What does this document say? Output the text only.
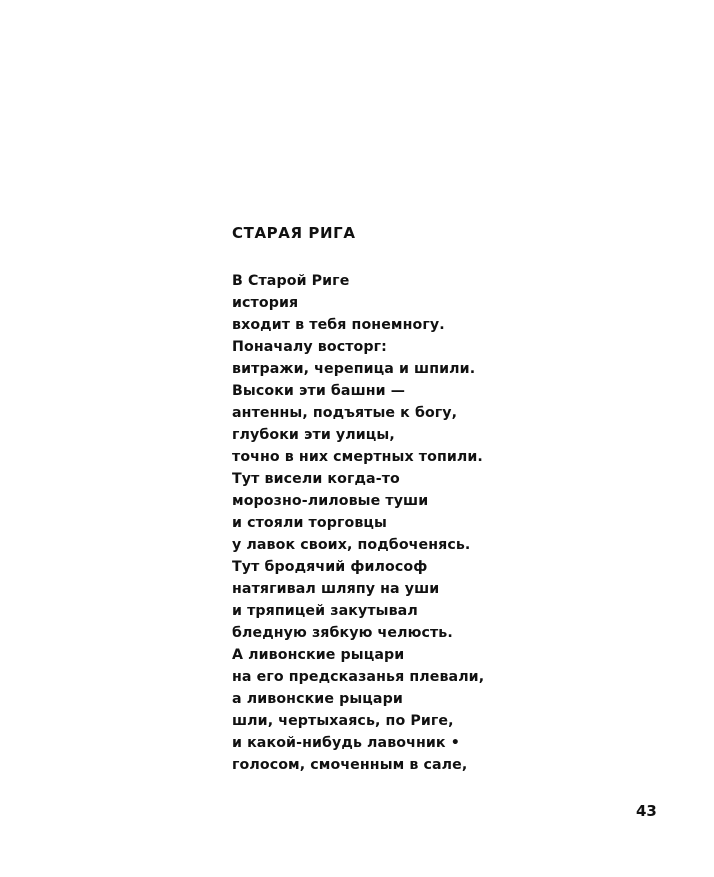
СТАРАЯ РИГА
В Старой Риге
история
входит в тебя понемногу.
Поначалу восторг:
витражи, черепица и шпили.
Высоки эти башни —
антенны, подъятые к богу,
глубоки эти улицы,
точно в них смертных топили.
Тут висели когда-то
морозно-лиловые туши
и стояли торговцы
у лавок своих, подбоченясь.
Тут бродячий философ
натягивал шляпу на уши
и тряпицей закутывал
бледную зябкую челюсть.
А ливонские рыцари
на его предсказанья плевали,
а ливонские рыцари
шли, чертыхаясь, по Риге,
и какой-нибудь лавочник •
голосом, смоченным в сале,

43
